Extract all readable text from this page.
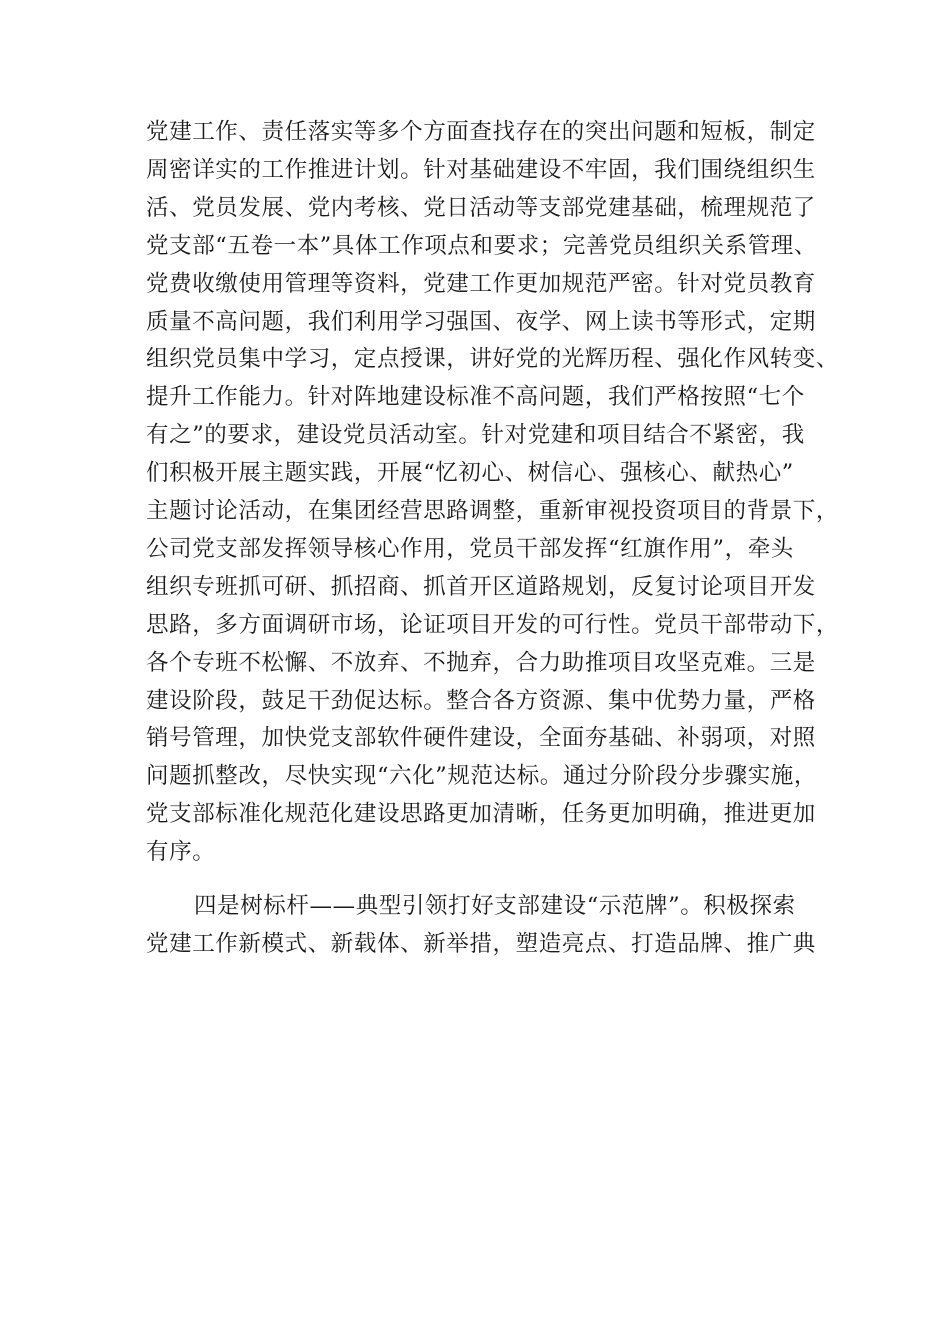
党建工作、责任落实等多个方面查找存在的突出问题和短板，制定
周密详实的工作推进计划。针对基础建设不牢固，我们围绕组织生
活、党员发展、党内考核、党日活动等支部党建基础，梳理规范了
党支部“五卷一本”具体工作项点和要求；完善党员组织关系管理、
党费收缴使用管理等资料，党建工作更加规范严密。针对党员教育
质量不高问题，我们利用学习强国、夜学、网上读书等形式，定期
组织党员集中学习，定点授课，讲好党的光辉历程、强化作风转变、
提升工作能力。针对阵地建设标准不高问题，我们严格按照“七个
有之”的要求，建设党员活动室。针对党建和项目结合不紧密，我
们积极开展主题实践，开展“忆初心、树信心、强核心、献热心”
主题讨论活动，在集团经营思路调整，重新审视投资项目的背景下，
公司党支部发挥领导核心作用，党员干部发挥“红旗作用”，牵头
组织专班抓可研、抓招商、抓首开区道路规划，反复讨论项目开发
思路，多方面调研市场，论证项目开发的可行性。党员干部带动下，
各个专班不松懈、不放弃、不抛弃，合力助推项目攻坚克难。三是
建设阶段，鼓足干劲促达标。整合各方资源、集中优势力量，严格
销号管理，加快党支部软件硬件建设，全面夯基础、补弱项，对照
问题抓整改，尽快实现“六化”规范达标。通过分阶段分步骤实施，
党支部标准化规范化建设思路更加清晰，任务更加明确，推进更加
有序。
四是树标杆——典型引领打好支部建设“示范牌”。积极探索
党建工作新模式、新载体、新举措，塑造亮点、打造品牌、推广典
